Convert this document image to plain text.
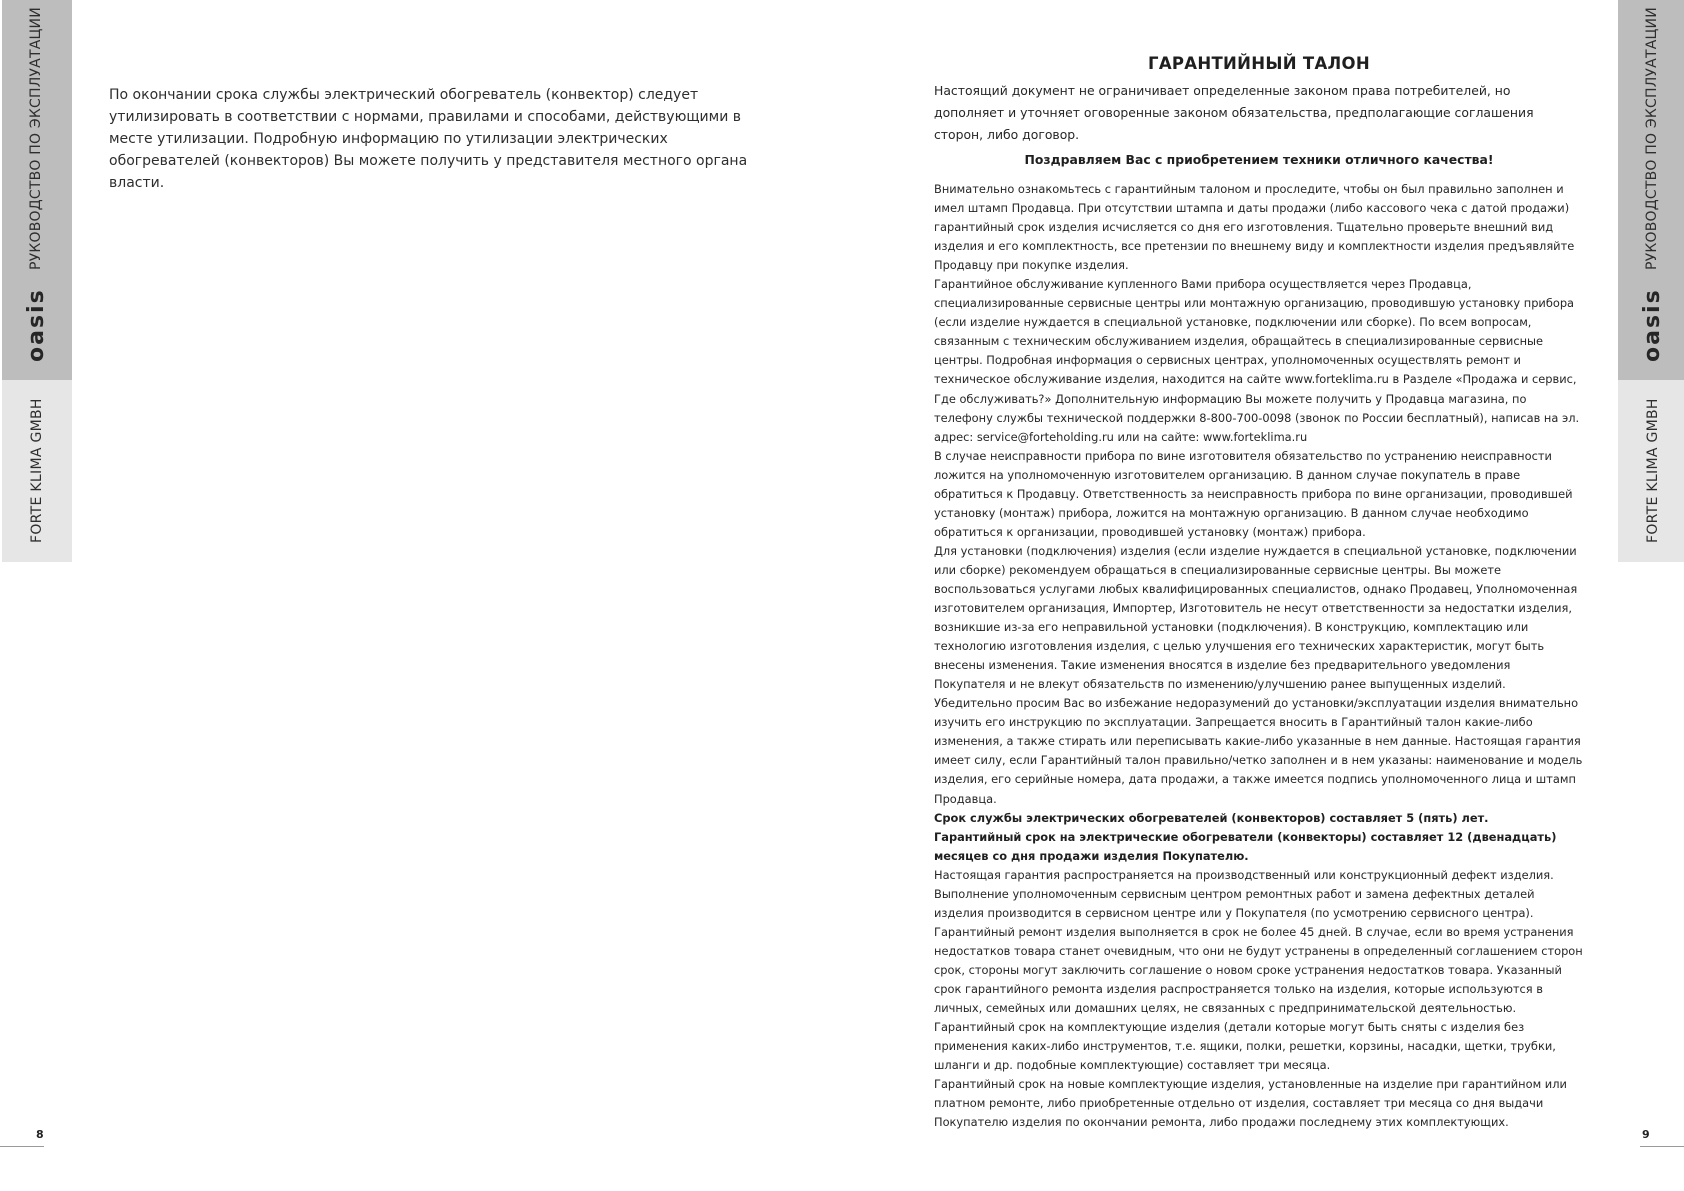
РУКОВОДСТВО ПО ЭКСПЛУАТАЦИИ
oasis
FORTE KLIMA GMBH
РУКОВОДСТВО ПО ЭКСПЛУАТАЦИИ
oasis
FORTE KLIMA GMBH

По окончании срока службы электрический обогреватель (конвектор) следует утилизировать в соответствии с нормами, правилами и способами, действующими в месте утилизации. Подробную информацию по утилизации электрических обогревателей (конвекторов) Вы можете получить у представителя местного органа власти.

8
ГАРАНТИЙНЫЙ ТАЛОН

Настоящий документ не ограничивает определенные законом права потребителей, но дополняет и уточняет оговоренные законом обязательства, предполагающие соглашения сторон, либо договор.

Поздравляем Вас с приобретением техники отличного качества!

Внимательно ознакомьтесь с гарантийным талоном и проследите, чтобы он был правильно заполнен и имел штамп Продавца. При отсутствии штампа и даты продажи (либо кассового чека с датой продажи) гарантийный срок изделия исчисляется со дня его изготовления. Тщательно проверьте внешний вид изделия и его комплектность, все претензии по внешнему виду и комплектности изделия предъявляйте Продавцу при покупке изделия.

Гарантийное обслуживание купленного Вами прибора осуществляется через Продавца, специализированные сервисные центры или монтажную организацию, проводившую установку прибора (если изделие нуждается в специальной установке, подключении или сборке). По всем вопросам, связанным с техническим обслуживанием изделия, обращайтесь в специализированные сервисные центры. Подробная информация о сервисных центрах, уполномоченных осуществлять ремонт и техническое обслуживание изделия, находится на сайте www.forteklima.ru в Разделе «Продажа и сервис, Где обслуживать?» Дополнительную информацию Вы можете получить у Продавца магазина, по телефону службы технической поддержки 8-800-700-0098 (звонок по России бесплатный), написав на эл. адрес: service@forteholding.ru или на сайте: www.forteklima.ru

В случае неисправности прибора по вине изготовителя обязательство по устранению неисправности ложится на уполномоченную изготовителем организацию. В данном случае покупатель в праве обратиться к Продавцу. Ответственность за неисправность прибора по вине организации, проводившей установку (монтаж) прибора, ложится на монтажную организацию. В данном случае необходимо обратиться к организации, проводившей установку (монтаж) прибора.

Для установки (подключения) изделия (если изделие нуждается в специальной установке, подключении или сборке) рекомендуем обращаться в специализированные сервисные центры. Вы можете воспользоваться услугами любых квалифицированных специалистов, однако Продавец, Уполномоченная изготовителем организация, Импортер, Изготовитель не несут ответственности за недостатки изделия, возникшие из-за его неправильной установки (подключения). В конструкцию, комплектацию или технологию изготовления изделия, с целью улучшения его технических характеристик, могут быть внесены изменения. Такие изменения вносятся в изделие без предварительного уведомления Покупателя и не влекут обязательств по изменению/улучшению ранее выпущенных изделий. Убедительно просим Вас во избежание недоразумений до установки/эксплуатации изделия внимательно изучить его инструкцию по эксплуатации. Запрещается вносить в Гарантийный талон какие-либо изменения, а также стирать или переписывать какие-либо указанные в нем данные. Настоящая гарантия имеет силу, если Гарантийный талон правильно/четко заполнен и в нем указаны: наименование и модель изделия, его серийные номера, дата продажи, а также имеется подпись уполномоченного лица и штамп Продавца.

Срок службы электрических обогревателей (конвекторов) составляет 5 (пять) лет.

Гарантийный срок на электрические обогреватели (конвекторы) составляет 12 (двенадцать) месяцев со дня продажи изделия Покупателю.

Настоящая гарантия распространяется на производственный или конструкционный дефект изделия. Выполнение уполномоченным сервисным центром ремонтных работ и замена дефектных деталей изделия производится в сервисном центре или у Покупателя (по усмотрению сервисного центра).

Гарантийный ремонт изделия выполняется в срок не более 45 дней. В случае, если во время устранения недостатков товара станет очевидным, что они не будут устранены в определенный соглашением сторон срок, стороны могут заключить соглашение о новом сроке устранения недостатков товара. Указанный срок гарантийного ремонта изделия распространяется только на изделия, которые используются в личных, семейных или домашних целях, не связанных с предпринимательской деятельностью.

Гарантийный срок на комплектующие изделия (детали которые могут быть сняты с изделия без применения каких-либо инструментов, т.е. ящики, полки, решетки, корзины, насадки, щетки, трубки, шланги и др. подобные комплектующие) составляет три месяца.

Гарантийный срок на новые комплектующие изделия, установленные на изделие при гарантийном или платном ремонте, либо приобретенные отдельно от изделия, составляет три месяца со дня выдачи Покупателю изделия по окончании ремонта, либо продажи последнему этих комплектующих.

9
